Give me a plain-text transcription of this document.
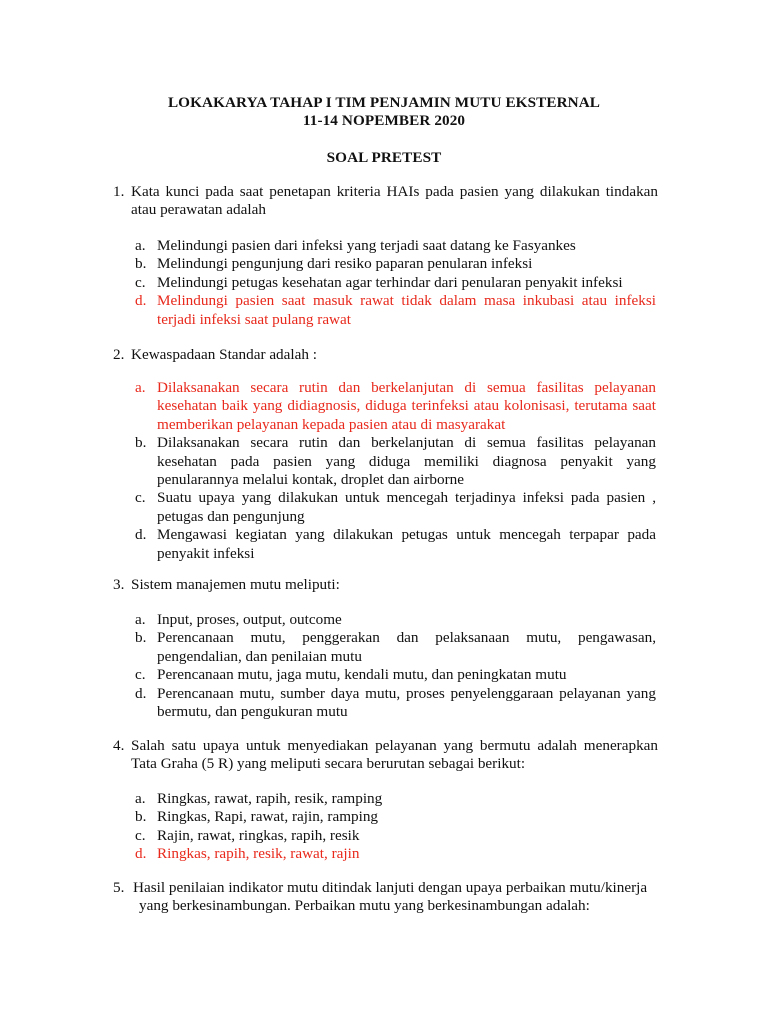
LOKAKARYA TAHAP I TIM PENJAMIN MUTU EKSTERNAL
11-14 NOPEMBER 2020
SOAL PRETEST
1. Kata kunci pada saat penetapan kriteria HAIs pada pasien yang dilakukan tindakan atau perawatan adalah
a. Melindungi pasien dari infeksi yang terjadi saat datang ke Fasyankes
b. Melindungi pengunjung dari resiko paparan penularan infeksi
c. Melindungi petugas kesehatan agar terhindar dari penularan penyakit infeksi
d. Melindungi pasien saat masuk rawat tidak dalam masa inkubasi atau infeksi terjadi infeksi saat pulang rawat
2. Kewaspadaan Standar adalah :
a. Dilaksanakan secara rutin dan berkelanjutan di semua fasilitas pelayanan kesehatan baik yang didiagnosis, diduga terinfeksi atau kolonisasi, terutama saat memberikan pelayanan kepada pasien atau di masyarakat
b. Dilaksanakan secara rutin dan berkelanjutan di semua fasilitas pelayanan kesehatan pada pasien yang diduga memiliki diagnosa penyakit yang penularannya melalui kontak, droplet dan airborne
c. Suatu upaya yang dilakukan untuk mencegah terjadinya infeksi pada pasien , petugas dan pengunjung
d. Mengawasi kegiatan yang dilakukan petugas untuk mencegah terpapar pada penyakit infeksi
3. Sistem manajemen mutu meliputi:
a. Input, proses, output, outcome
b. Perencanaan mutu, penggerakan dan pelaksanaan mutu, pengawasan, pengendalian, dan penilaian mutu
c. Perencanaan mutu, jaga mutu, kendali mutu, dan peningkatan mutu
d. Perencanaan mutu, sumber daya mutu, proses penyelenggaraan pelayanan yang bermutu, dan pengukuran mutu
4. Salah satu upaya untuk menyediakan pelayanan yang bermutu adalah menerapkan Tata Graha (5 R) yang meliputi secara berurutan sebagai berikut:
a. Ringkas, rawat, rapih, resik, ramping
b. Ringkas, Rapi, rawat, rajin, ramping
c. Rajin, rawat, ringkas, rapih, resik
d. Ringkas, rapih, resik, rawat, rajin
5. Hasil penilaian indikator mutu ditindak lanjuti dengan upaya perbaikan mutu/kinerja
yang berkesinambungan. Perbaikan mutu yang berkesinambungan adalah:
